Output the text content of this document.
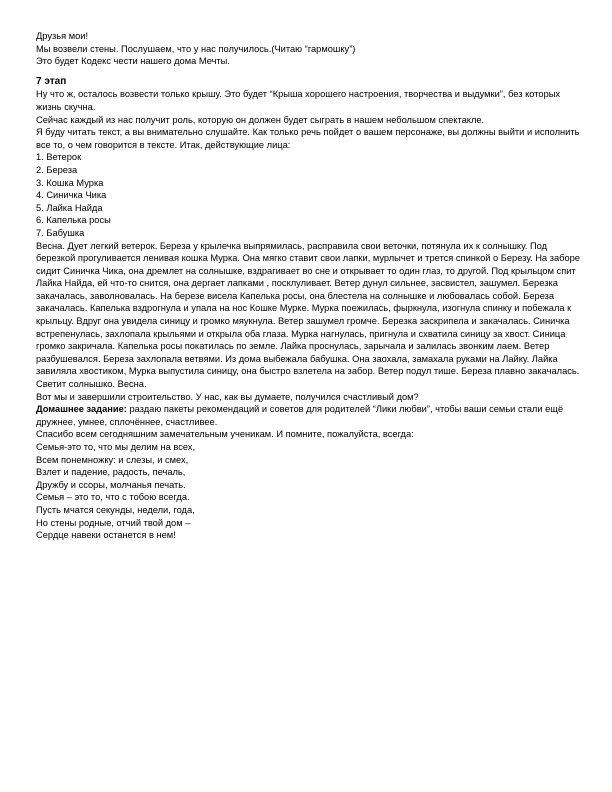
Друзья мои!

Мы возвели стены. Послушаем, что у нас получилось.(Читаю “гармошку”)

Это будет Кодекс чести нашего дома Мечты.

7 этап

Ну что ж, осталось возвести только крышу. Это будет “Крыша хорошего настроения, творчества и выдумки”, без которых жизнь скучна.

Сейчас каждый из нас получит роль, которую он должен будет сыграть в нашем небольшом спектакле.

Я буду читать текст, а вы внимательно слушайте. Как только речь пойдет о вашем персонаже, вы должны выйти и исполнить все то, о чем говорится в тексте. Итак, действующие лица:

1. Ветерок

2. Береза

3. Кошка Мурка

4. Синичка Чика

5. Лайка Найда

6. Капелька росы

7. Бабушка

Весна. Дует легкий ветерок. Береза у крылечка выпрямилась, расправила свои веточки, потянула их к солнышку. Под березкой прогуливается ленивая кошка Мурка. Она мягко ставит свои лапки, мурлычет и трется спинкой о Березу. На заборе сидит Синичка Чика, она дремлет на солнышке, вздрагивает во сне и открывает то один глаз, то другой. Под крыльцом спит Лайка Найда, ей что-то снится, она дергает лапками , посклуливает. Ветер дунул сильнее, засвистел, зашумел. Березка закачалась, заволновалась. На березе висела Капелька росы, она блестела на солнышке и любовалась собой. Береза закачалась. Капелька вздрогнула и упала на нос Кошке Мурке. Мурка поежилась, фыркнула, изогнула спинку и побежала к крыльцу. Вдруг она увидела синицу и громко мяукнула. Ветер зашумел громче. Березка заскрипела и закачалась. Синичка встрепенулась, захлопала крыльями и открыла оба глаза. Мурка нагнулась, пригнула и схватила синицу за хвост. Синица громко закричала. Капелька росы покатилась по земле. Лайка проснулась, зарычала и залилась звонким лаем. Ветер разбушевался. Береза захлопала ветвями. Из дома выбежала бабушка. Она заохала, замахала руками на Лайку. Лайка завиляла хвостиком, Мурка выпустила синицу, она быстро взлетела на забор. Ветер подул тише. Береза плавно закачалась. Светит солнышко. Весна.

Вот мы и завершили строительство. У нас, как вы думаете, получился счастливый дом?

Домашнее задание: раздаю пакеты рекомендаций и советов для родителей “Лики любви”, чтобы ваши семьи стали ещё дружнее, умнее, сплочённее, счастливее.

Спасибо всем сегодняшним замечательным ученикам. И помните, пожалуйста, всегда:

Семья-это то, что мы делим на всех,

Всем понемножку: и слезы, и смех,

Взлет и падение, радость, печаль,

Дружбу и ссоры, молчанья печать.

Семья – это то, что с тобою всегда.

Пусть мчатся секунды, недели, года,

Но стены родные, отчий твой дом –

Сердце навеки останется в нем!
